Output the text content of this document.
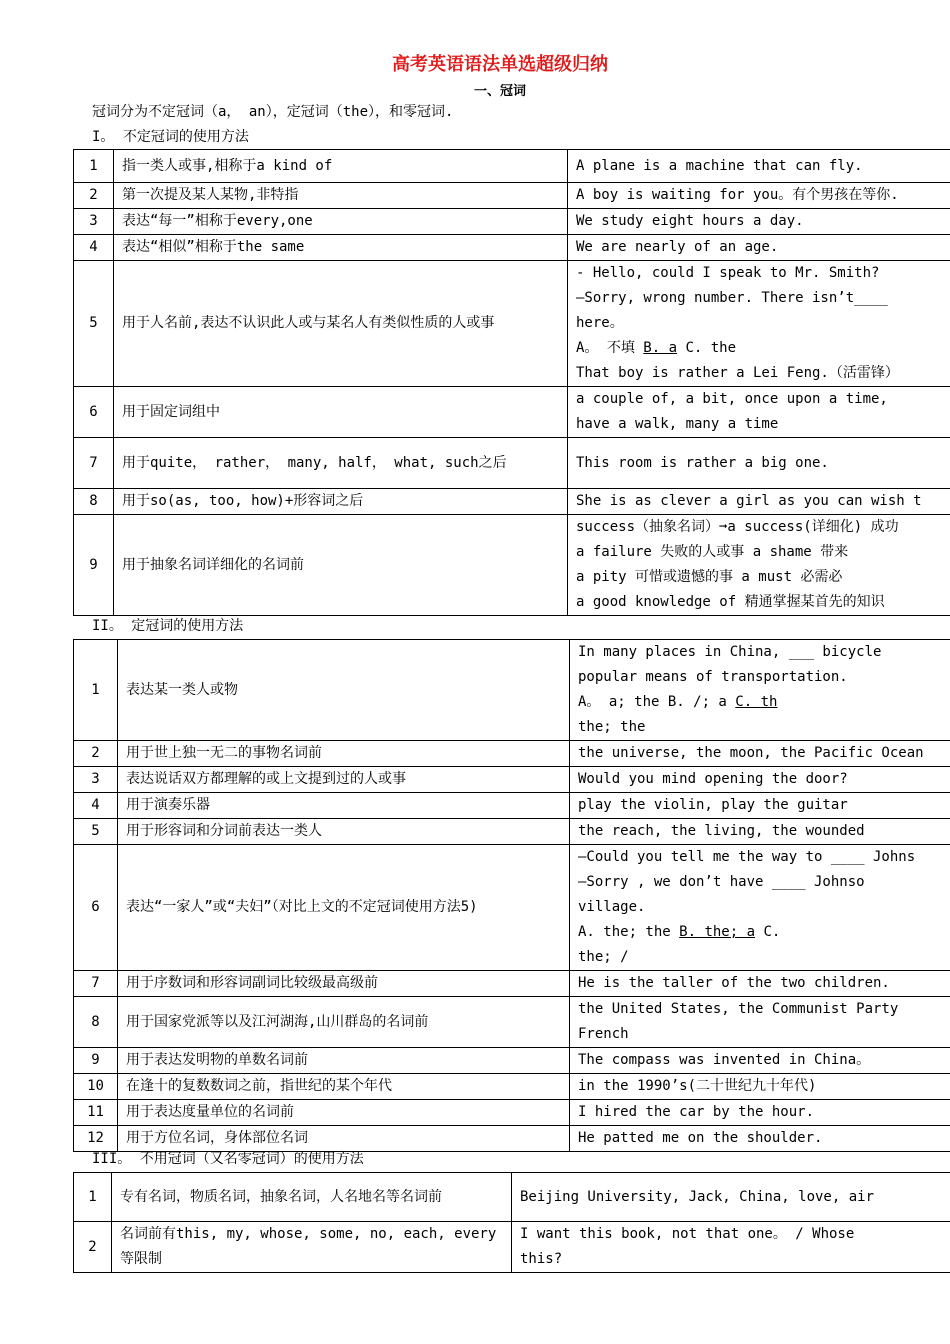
高考英语语法单选超级归纳
一、冠词
冠词分为不定冠词（a， an），定冠词（the），和零冠词.
I。 不定冠词的使用方法
1	指一类人或事,相称于a kind of	A plane is a machine that can fly.

2	第一次提及某人某物,非特指	A boy is waiting for you。有个男孩在等你.

3	表达“每一”相称于every,one	We study eight hours a day.

4	表达“相似”相称于the same	We are nearly of an age.

5	用于人名前,表达不认识此人或与某名人有类似性质的人或事	- Hello, could I speak to Mr. Smith?
—Sorry, wrong number. There isn’t____
here。
A。 不填 B. a C. the
That boy is rather a Lei Feng.（活雷锋）

6	用于固定词组中	a couple of, a bit, once upon a time,
have a walk, many a time

7	用于quite， rather， many, half， what, such之后	This room is rather a big one.

8	用于so(as, too, how)+形容词之后	She is as clever a girl as you can wish t

9	用于抽象名词详细化的名词前	success（抽象名词）➞a success(详细化) 成功
a failure 失败的人或事 a shame 带来
a pity 可惜或遗憾的事 a must 必需必
a good knowledge of 精通掌握某首先的知识
II。 定冠词的使用方法
1	表达某一类人或物	In many places in China, ___ bicycle
popular means of transportation.
A。 a; the B. /; a C. th
the; the

2	用于世上独一无二的事物名词前	the universe, the moon, the Pacific Ocean

3	表达说话双方都理解的或上文提到过的人或事	Would you mind opening the door?

4	用于演奏乐器	play the violin, play the guitar

5	用于形容词和分词前表达一类人	the reach, the living, the wounded

6	表达“一家人”或“夫妇”（对比上文的不定冠词使用方法5)	—Could you tell me the way to ____ Johns
—Sorry , we don’t have ____ Johnso
village.
A. the; the B. the; a C.
the; /

7	用于序数词和形容词副词比较级最高级前	He is the taller of the two children.

8	用于国家党派等以及江河湖海,山川群岛的名词前	the United States, the Communist Party
French

9	用于表达发明物的单数名词前	The compass was invented in China。

10	在逢十的复数数词之前，指世纪的某个年代	in the 1990’s(二十世纪九十年代)

11	用于表达度量单位的名词前	I hired the car by the hour.

12	用于方位名词，身体部位名词	He patted me on the shoulder.
III。 不用冠词（又名零冠词）的使用方法
1	专有名词，物质名词，抽象名词，人名地名等名词前	Beijing University, Jack, China, love, air

2	名词前有this, my, whose, some, no, each, every等限制	I want this book, not that one。 / Whose
this?
